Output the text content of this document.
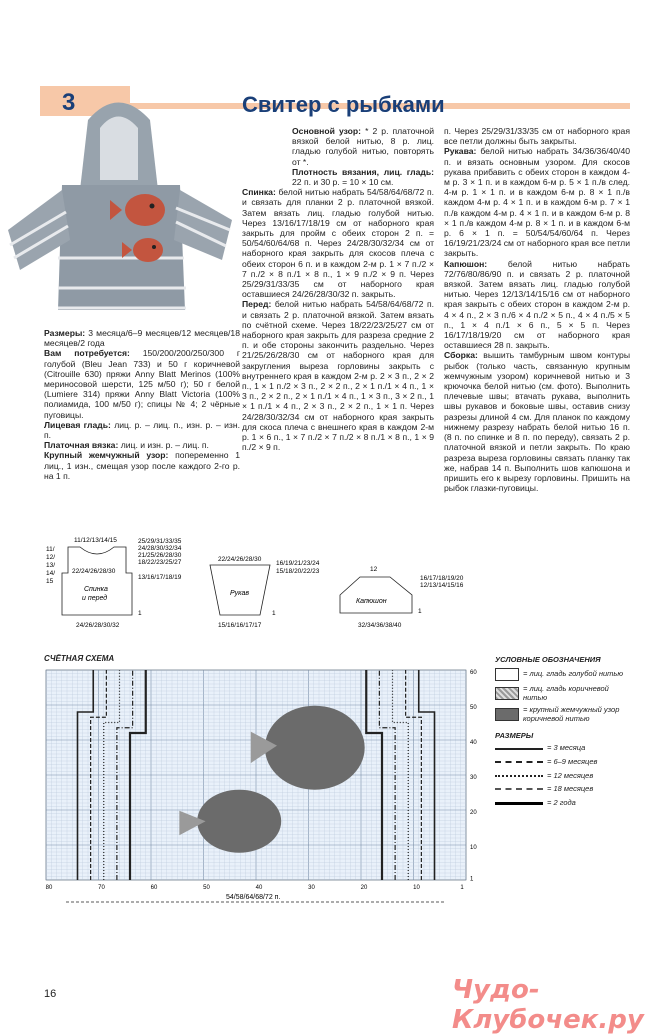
3	Свитер с рыбками

Размеры: 3 месяца/6–9 месяцев/12 месяцев/18 месяцев/2 года

Вам потребуется: 150/200/200/250/300 г голубой (Bleu Jean 733) и 50 г коричневой (Citrouille 630) пряжи Anny Blatt Merinos (100% мериносовой шерсти, 125 м/50 г); 50 г белой (Lumiere 314) пряжи Anny Blatt Victoria (100% полиамида, 100 м/50 г); спицы № 4; 2 чёрные пуговицы.

Лицевая гладь: лиц. р. – лиц. п., изн. р. – изн. п.

Платочная вязка: лиц. и изн. р. – лиц. п.

Крупный жемчужный узор: попеременно 1 лиц., 1 изн., смещая узор после каждого 2-го р. на 1 п.

Основной узор: * 2 р. платочной вязкой белой нитью, 8 р. лиц. гладью голубой нитью, повторять от *.

Плотность вязания, лиц. гладь: 22 п. и 30 р. = 10 × 10 см.

Спинка: белой нитью набрать 54/58/64/68/72 п. и связать для планки 2 р. платочной вязкой. Затем вязать лиц. гладью голубой нитью. Через 13/16/17/18/19 см от наборного края закрыть для пройм с обеих сторон 2 п. = 50/54/60/64/68 п. Через 24/28/30/32/34 см от наборного края закрыть для скосов плеча с обеих сторон 6 п. и в каждом 2-м р. 1 × 7 п./2 × 7 п./2 × 8 п./1 × 8 п., 1 × 9 п./2 × 9 п. Через 25/29/31/33/35 см от наборного края оставшиеся 24/26/28/30/32 п. закрыть.

Перед: белой нитью набрать 54/58/64/68/72 п. и связать 2 р. платочной вязкой. Затем вязать по счётной схеме. Через 18/22/23/25/27 см от наборного края закрыть для разреза средние 2 п. и обе стороны закончить раздельно. Через 21/25/26/28/30 см от наборного края для закругления выреза горловины закрыть с внутреннего края в каждом 2-м р. 2 × 3 п., 2 × 2 п., 1 × 1 п./2 × 3 п., 2 × 2 п., 2 × 1 п./1 × 4 п., 1 × 3 п., 2 × 2 п., 2 × 1 п./1 × 4 п., 1 × 3 п., 3 × 2 п., 1 × 1 п./1 × 4 п., 2 × 3 п., 2 × 2 п., 1 × 1 п. Через 24/28/30/32/34 см от наборного края закрыть для скоса плеча с внешнего края в каждом 2-м р. 1 × 6 п., 1 × 7 п./2 × 7 п./2 × 8 п./1 × 8 п., 1 × 9 п./2 × 9 п.

п. Через 25/29/31/33/35 см от наборного края все петли должны быть закрыты.

Рукава: белой нитью набрать 34/36/36/40/40 п. и вязать основным узором. Для скосов рукава прибавить с обеих сторон в каждом 4-м р. 3 × 1 п. и в каждом 6-м р. 5 × 1 п./в след. 4-м р. 1 × 1 п. и в каждом 6-м р. 8 × 1 п./в каждом 4-м р. 4 × 1 п. и в каждом 6-м р. 7 × 1 п./в каждом 4-м р. 4 × 1 п. и в каждом 6-м р. 8 × 1 п./в каждом 4-м р. 8 × 1 п. и в каждом 6-м р. 6 × 1 п. = 50/54/54/60/64 п. Через 16/19/21/23/24 см от наборного края все петли закрыть.

Капюшон: белой нитью набрать 72/76/80/86/90 п. и связать 2 р. платочной вязкой. Затем вязать лиц. гладью голубой нитью. Через 12/13/14/15/16 см от наборного края закрыть с обеих сторон в каждом 2-м р. 4 × 4 п., 2 × 3 п./6 × 4 п./2 × 5 п., 4 × 4 п./5 × 5 п., 1 × 4 п./1 × 6 п., 5 × 5 п. Через 16/17/18/19/20 см от наборного края оставшиеся 28 п. закрыть.

Сборка: вышить тамбурным швом контуры рыбок (только часть, связанную крупным жемчужным узором) коричневой нитью и 3 крючочка белой нитью (см. фото). Выполнить плечевые швы; втачать рукава, выполнить швы рукавов и боковые швы, оставив снизу разрезы длиной 4 см. Для планок по каждому нижнему разрезу набрать белой нитью 16 п. (8 п. по спинке и 8 п. по переду), связать 2 р. платочной вязкой и петли закрыть. По краю разреза выреза горловины связать планку так же, набрав 14 п. Выполнить шов капюшона и пришить его к вырезу горловины. Пришить на рыбок глазки-пуговицы.

11/12/13/14/15
11/
12/
13/
14/
15
25/29/31/33/35
24/28/30/32/34
21/25/26/28/30
18/22/23/25/27
22/24/26/28/30
13/16/17/18/19
Спинка
и перед
24/26/28/30/32
1
22/24/26/28/30
16/19/21/23/24
15/18/20/22/23
Рукав
15/16/16/17/17
1
12
16/17/18/19/20
12/13/14/15/16
Капюшон
32/34/36/38/40
1
СЧЁТНАЯ СХЕМА
80	70	60	50	40	30	20	10	1
60
50
40
30
20
10
1
54/58/64/68/72 п.
УСЛОВНЫЕ ОБОЗНАЧЕНИЯ
= лиц. гладь голубой нитью
= лиц. гладь коричневой нитью
= крупный жемчужный узор коричневой нитью
РАЗМЕРЫ
= 3 месяца
= 6–9 месяцев
= 12 месяцев
= 18 месяцев
= 2 года
16	Чудо-Клубочек.ру
